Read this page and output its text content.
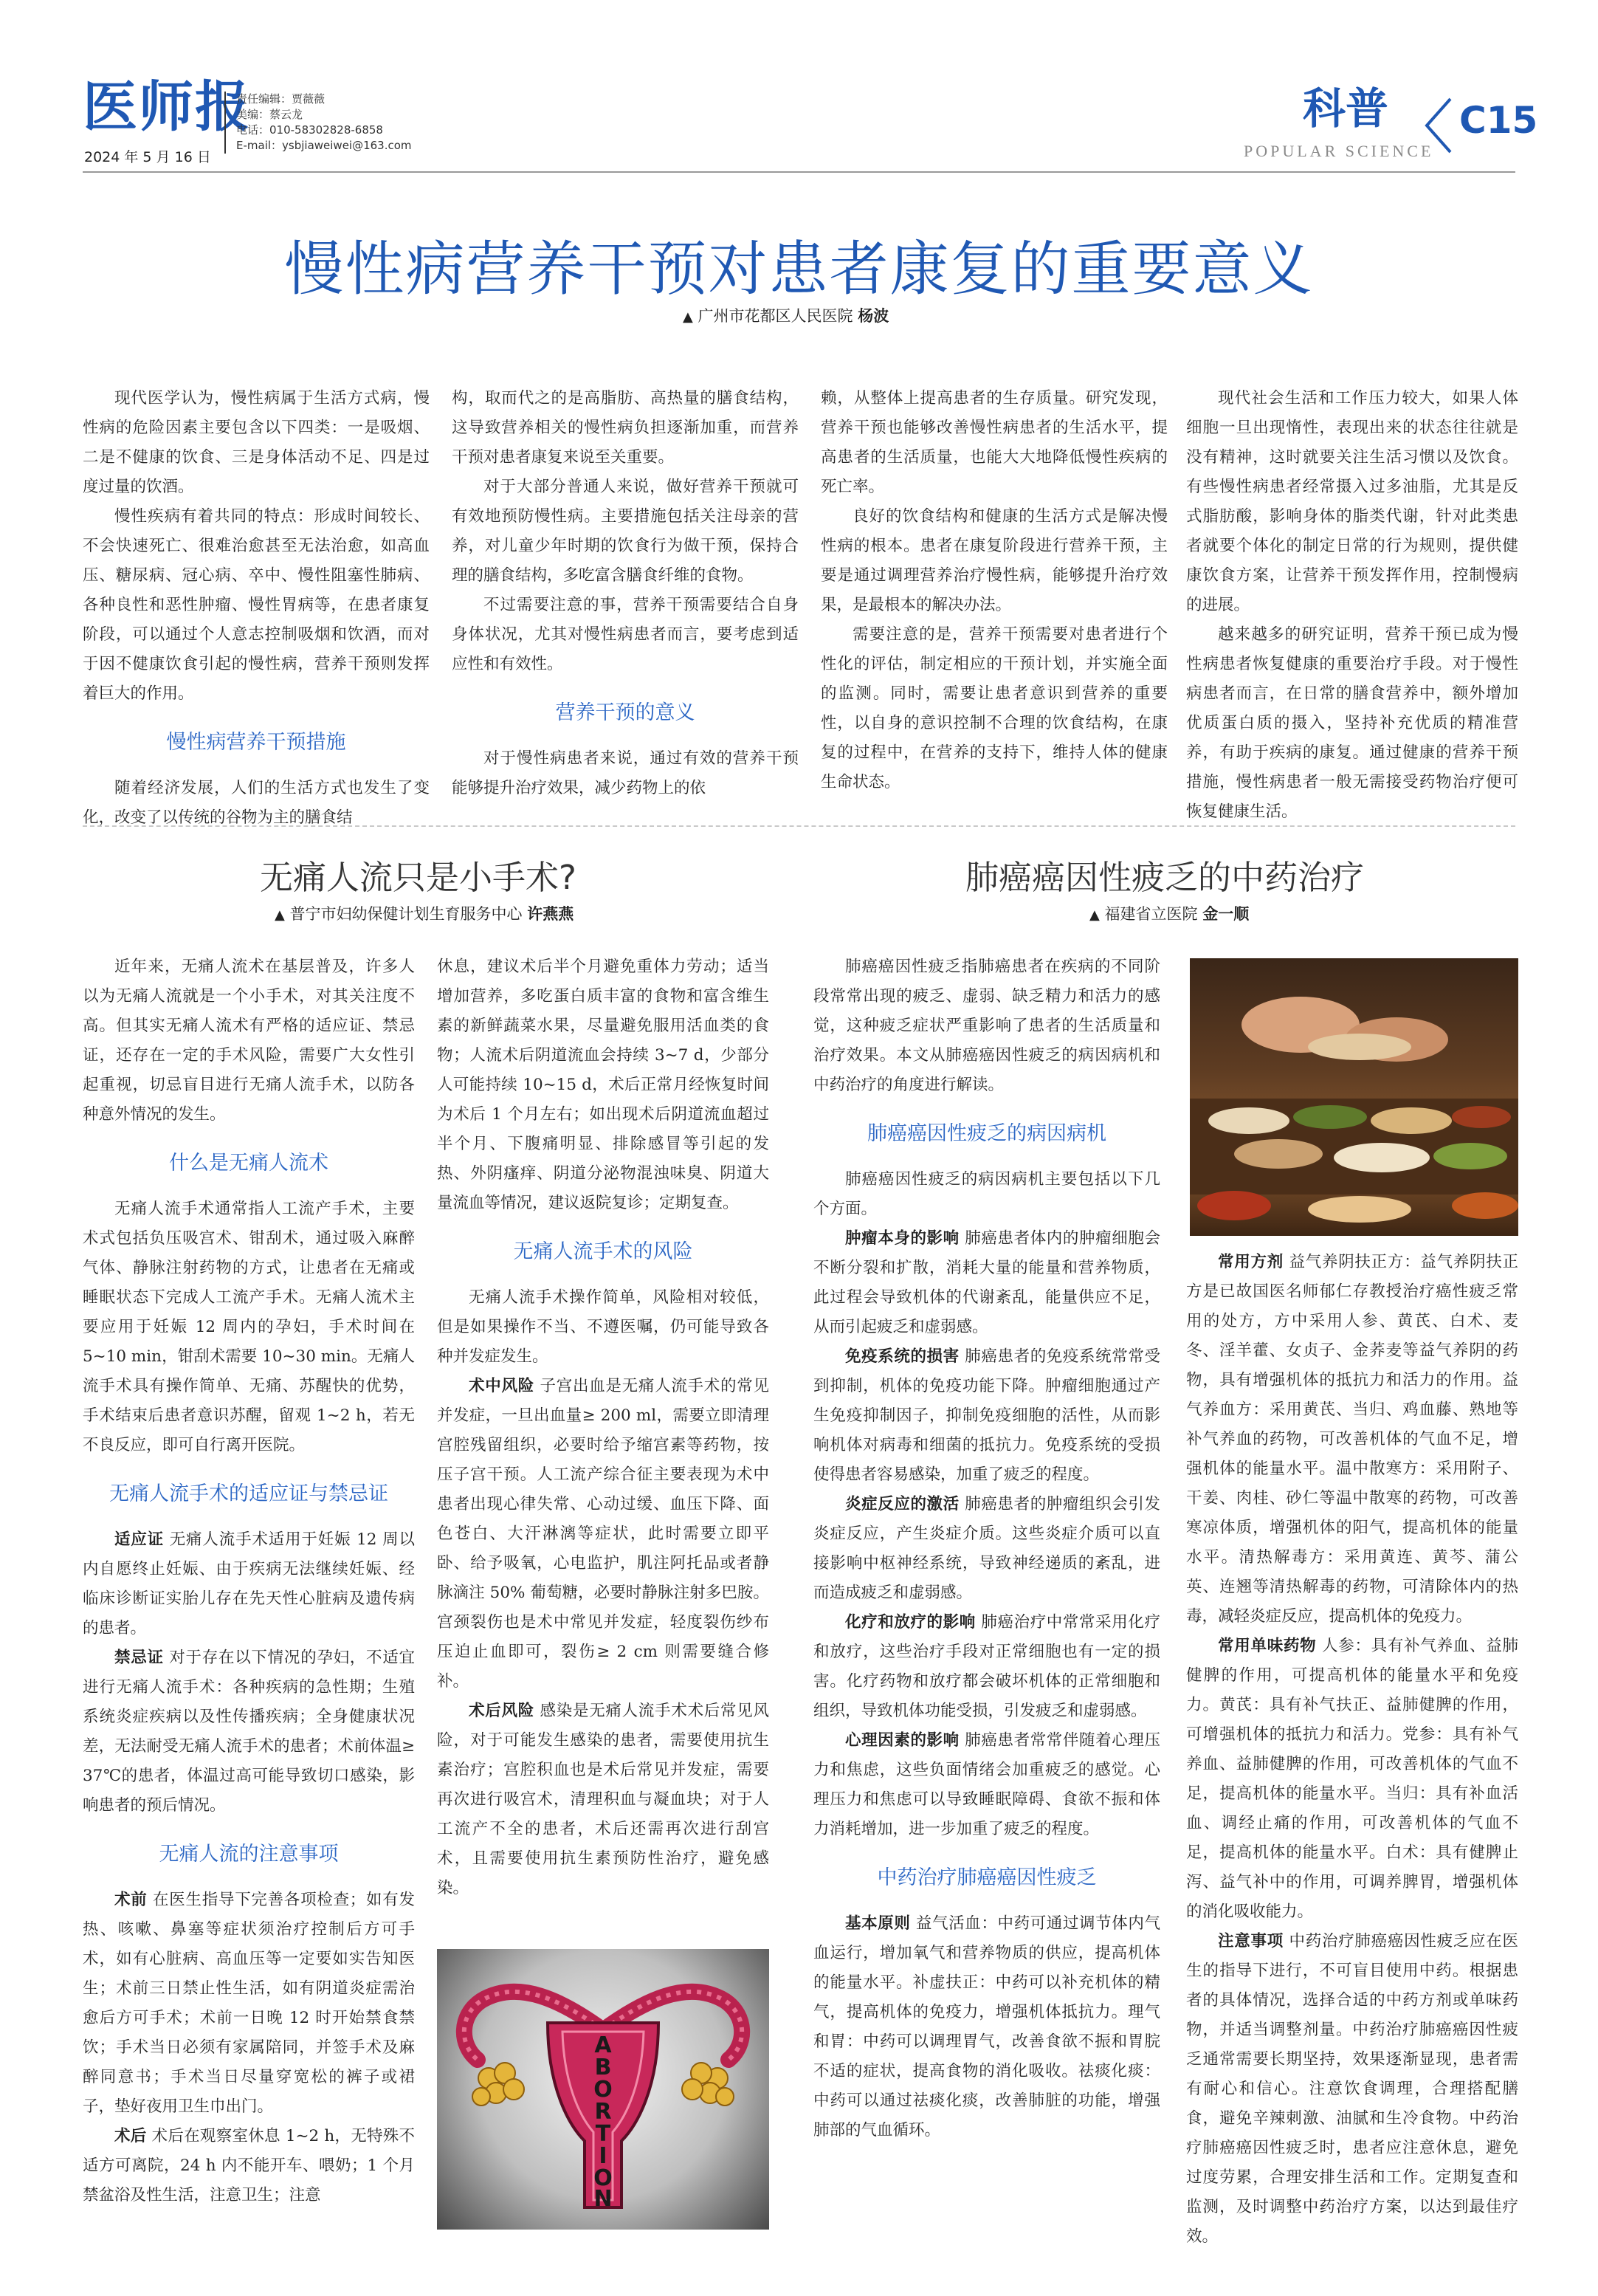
医师报
2024 年 5 月 16 日
责任编辑：贾薇薇
美编：蔡云龙
电话：010-58302828-6858
E-mail：ysbjiaweiwei@163.com
科普
POPULAR SCIENCE
C15
慢性病营养干预对患者康复的重要意义
▲ 广州市花都区人民医院 杨波

现代医学认为，慢性病属于生活方式病，慢性病的危险因素主要包含以下四类：一是吸烟、二是不健康的饮食、三是身体活动不足、四是过度过量的饮酒。

慢性疾病有着共同的特点：形成时间较长、不会快速死亡、很难治愈甚至无法治愈，如高血压、糖尿病、冠心病、卒中、慢性阻塞性肺病、各种良性和恶性肿瘤、慢性胃病等，在患者康复阶段，可以通过个人意志控制吸烟和饮酒，而对于因不健康饮食引起的慢性病，营养干预则发挥着巨大的作用。

慢性病营养干预措施

随着经济发展，人们的生活方式也发生了变化，改变了以传统的谷物为主的膳食结

构，取而代之的是高脂肪、高热量的膳食结构，这导致营养相关的慢性病负担逐渐加重，而营养干预对患者康复来说至关重要。

对于大部分普通人来说，做好营养干预就可有效地预防慢性病。主要措施包括关注母亲的营养，对儿童少年时期的饮食行为做干预，保持合理的膳食结构，多吃富含膳食纤维的食物。

不过需要注意的事，营养干预需要结合自身身体状况，尤其对慢性病患者而言，要考虑到适应性和有效性。

营养干预的意义

对于慢性病患者来说，通过有效的营养干预能够提升治疗效果，减少药物上的依

赖，从整体上提高患者的生存质量。研究发现，营养干预也能够改善慢性病患者的生活水平，提高患者的生活质量，也能大大地降低慢性疾病的死亡率。

良好的饮食结构和健康的生活方式是解决慢性病的根本。患者在康复阶段进行营养干预，主要是通过调理营养治疗慢性病，能够提升治疗效果，是最根本的解决办法。

需要注意的是，营养干预需要对患者进行个性化的评估，制定相应的干预计划，并实施全面的监测。同时，需要让患者意识到营养的重要性，以自身的意识控制不合理的饮食结构，在康复的过程中，在营养的支持下，维持人体的健康生命状态。

现代社会生活和工作压力较大，如果人体细胞一旦出现惰性，表现出来的状态往往就是没有精神，这时就要关注生活习惯以及饮食。有些慢性病患者经常摄入过多油脂，尤其是反式脂肪酸，影响身体的脂类代谢，针对此类患者就要个体化的制定日常的行为规则，提供健康饮食方案，让营养干预发挥作用，控制慢病的进展。

越来越多的研究证明，营养干预已成为慢性病患者恢复健康的重要治疗手段。对于慢性病患者而言，在日常的膳食营养中，额外增加优质蛋白质的摄入，坚持补充优质的精准营养，有助于疾病的康复。通过健康的营养干预措施，慢性病患者一般无需接受药物治疗便可恢复健康生活。

无痛人流只是小手术?
▲ 普宁市妇幼保健计划生育服务中心 许燕燕

近年来，无痛人流术在基层普及，许多人以为无痛人流就是一个小手术，对其关注度不高。但其实无痛人流术有严格的适应证、禁忌证，还存在一定的手术风险，需要广大女性引起重视，切忌盲目进行无痛人流手术，以防各种意外情况的发生。

什么是无痛人流术

无痛人流手术通常指人工流产手术，主要术式包括负压吸宫术、钳刮术，通过吸入麻醉气体、静脉注射药物的方式，让患者在无痛或睡眠状态下完成人工流产手术。无痛人流术主要应用于妊娠 12 周内的孕妇，手术时间在 5~10 min，钳刮术需要 10~30 min。无痛人流手术具有操作简单、无痛、苏醒快的优势，手术结束后患者意识苏醒，留观 1~2 h，若无不良反应，即可自行离开医院。

无痛人流手术的适应证与禁忌证

适应证 无痛人流手术适用于妊娠 12 周以内自愿终止妊娠、由于疾病无法继续妊娠、经临床诊断证实胎儿存在先天性心脏病及遗传病的患者。

禁忌证 对于存在以下情况的孕妇，不适宜进行无痛人流手术：各种疾病的急性期；生殖系统炎症疾病以及性传播疾病；全身健康状况差，无法耐受无痛人流手术的患者；术前体温≥ 37℃的患者，体温过高可能导致切口感染，影响患者的预后情况。

无痛人流的注意事项

术前 在医生指导下完善各项检查；如有发热、咳嗽、鼻塞等症状须治疗控制后方可手术，如有心脏病、高血压等一定要如实告知医生；术前三日禁止性生活，如有阴道炎症需治愈后方可手术；术前一日晚 12 时开始禁食禁饮；手术当日必须有家属陪同，并签手术及麻醉同意书；手术当日尽量穿宽松的裤子或裙子，垫好夜用卫生巾出门。

术后 术后在观察室休息 1~2 h，无特殊不适方可离院，24 h 内不能开车、喂奶；1 个月禁盆浴及性生活，注意卫生；注意

休息，建议术后半个月避免重体力劳动；适当增加营养，多吃蛋白质丰富的食物和富含维生素的新鲜蔬菜水果，尽量避免服用活血类的食物；人流术后阴道流血会持续 3~7 d，少部分人可能持续 10~15 d，术后正常月经恢复时间为术后 1 个月左右；如出现术后阴道流血超过半个月、下腹痛明显、排除感冒等引起的发热、外阴瘙痒、阴道分泌物混浊味臭、阴道大量流血等情况，建议返院复诊；定期复查。

无痛人流手术的风险

无痛人流手术操作简单，风险相对较低，但是如果操作不当、不遵医嘱，仍可能导致各种并发症发生。

术中风险 子宫出血是无痛人流手术的常见并发症，一旦出血量≥ 200 ml，需要立即清理宫腔残留组织，必要时给予缩宫素等药物，按压子宫干预。人工流产综合征主要表现为术中患者出现心律失常、心动过缓、血压下降、面色苍白、大汗淋漓等症状，此时需要立即平卧、给予吸氧，心电监护，肌注阿托品或者静脉滴注 50% 葡萄糖，必要时静脉注射多巴胺。宫颈裂伤也是术中常见并发症，轻度裂伤纱布压迫止血即可，裂伤≥ 2 cm 则需要缝合修补。

术后风险 感染是无痛人流手术术后常见风险，对于可能发生感染的患者，需要使用抗生素治疗；宫腔积血也是术后常见并发症，需要再次进行吸宫术，清理积血与凝血块；对于人工流产不全的患者，术后还需再次进行刮宫术，且需要使用抗生素预防性治疗，避免感染。

A
B
O
R
T
I
O
N
肺癌癌因性疲乏的中药治疗
▲ 福建省立医院 金一顺

肺癌癌因性疲乏指肺癌患者在疾病的不同阶段常常出现的疲乏、虚弱、缺乏精力和活力的感觉，这种疲乏症状严重影响了患者的生活质量和治疗效果。本文从肺癌癌因性疲乏的病因病机和中药治疗的角度进行解读。

肺癌癌因性疲乏的病因病机

肺癌癌因性疲乏的病因病机主要包括以下几个方面。

肿瘤本身的影响 肺癌患者体内的肿瘤细胞会不断分裂和扩散，消耗大量的能量和营养物质，此过程会导致机体的代谢紊乱，能量供应不足，从而引起疲乏和虚弱感。

免疫系统的损害 肺癌患者的免疫系统常常受到抑制，机体的免疫功能下降。肿瘤细胞通过产生免疫抑制因子，抑制免疫细胞的活性，从而影响机体对病毒和细菌的抵抗力。免疫系统的受损使得患者容易感染，加重了疲乏的程度。

炎症反应的激活 肺癌患者的肿瘤组织会引发炎症反应，产生炎症介质。这些炎症介质可以直接影响中枢神经系统，导致神经递质的紊乱，进而造成疲乏和虚弱感。

化疗和放疗的影响 肺癌治疗中常常采用化疗和放疗，这些治疗手段对正常细胞也有一定的损害。化疗药物和放疗都会破坏机体的正常细胞和组织，导致机体功能受损，引发疲乏和虚弱感。

心理因素的影响 肺癌患者常常伴随着心理压力和焦虑，这些负面情绪会加重疲乏的感觉。心理压力和焦虑可以导致睡眠障碍、食欲不振和体力消耗增加，进一步加重了疲乏的程度。

中药治疗肺癌癌因性疲乏

基本原则 益气活血：中药可通过调节体内气血运行，增加氧气和营养物质的供应，提高机体的能量水平。补虚扶正：中药可以补充机体的精气，提高机体的免疫力，增强机体抵抗力。理气和胃：中药可以调理胃气，改善食欲不振和胃脘不适的症状，提高食物的消化吸收。祛痰化痰：中药可以通过祛痰化痰，改善肺脏的功能，增强肺部的气血循环。

常用方剂 益气养阴扶正方：益气养阴扶正方是已故国医名师郁仁存教授治疗癌性疲乏常用的处方，方中采用人参、黄芪、白术、麦冬、淫羊藿、女贞子、金荞麦等益气养阴的药物，具有增强机体的抵抗力和活力的作用。益气养血方：采用黄芪、当归、鸡血藤、熟地等补气养血的药物，可改善机体的气血不足，增强机体的能量水平。温中散寒方：采用附子、干姜、肉桂、砂仁等温中散寒的药物，可改善寒凉体质，增强机体的阳气，提高机体的能量水平。清热解毒方：采用黄连、黄芩、蒲公英、连翘等清热解毒的药物，可清除体内的热毒，减轻炎症反应，提高机体的免疫力。

常用单味药物 人参：具有补气养血、益肺健脾的作用，可提高机体的能量水平和免疫力。黄芪：具有补气扶正、益肺健脾的作用，可增强机体的抵抗力和活力。党参：具有补气养血、益肺健脾的作用，可改善机体的气血不足，提高机体的能量水平。当归：具有补血活血、调经止痛的作用，可改善机体的气血不足，提高机体的能量水平。白术：具有健脾止泻、益气补中的作用，可调养脾胃，增强机体的消化吸收能力。

注意事项 中药治疗肺癌癌因性疲乏应在医生的指导下进行，不可盲目使用中药。根据患者的具体情况，选择合适的中药方剂或单味药物，并适当调整剂量。中药治疗肺癌癌因性疲乏通常需要长期坚持，效果逐渐显现，患者需有耐心和信心。注意饮食调理，合理搭配膳食，避免辛辣刺激、油腻和生冷食物。中药治疗肺癌癌因性疲乏时，患者应注意休息，避免过度劳累，合理安排生活和工作。定期复查和监测，及时调整中药治疗方案，以达到最佳疗效。
